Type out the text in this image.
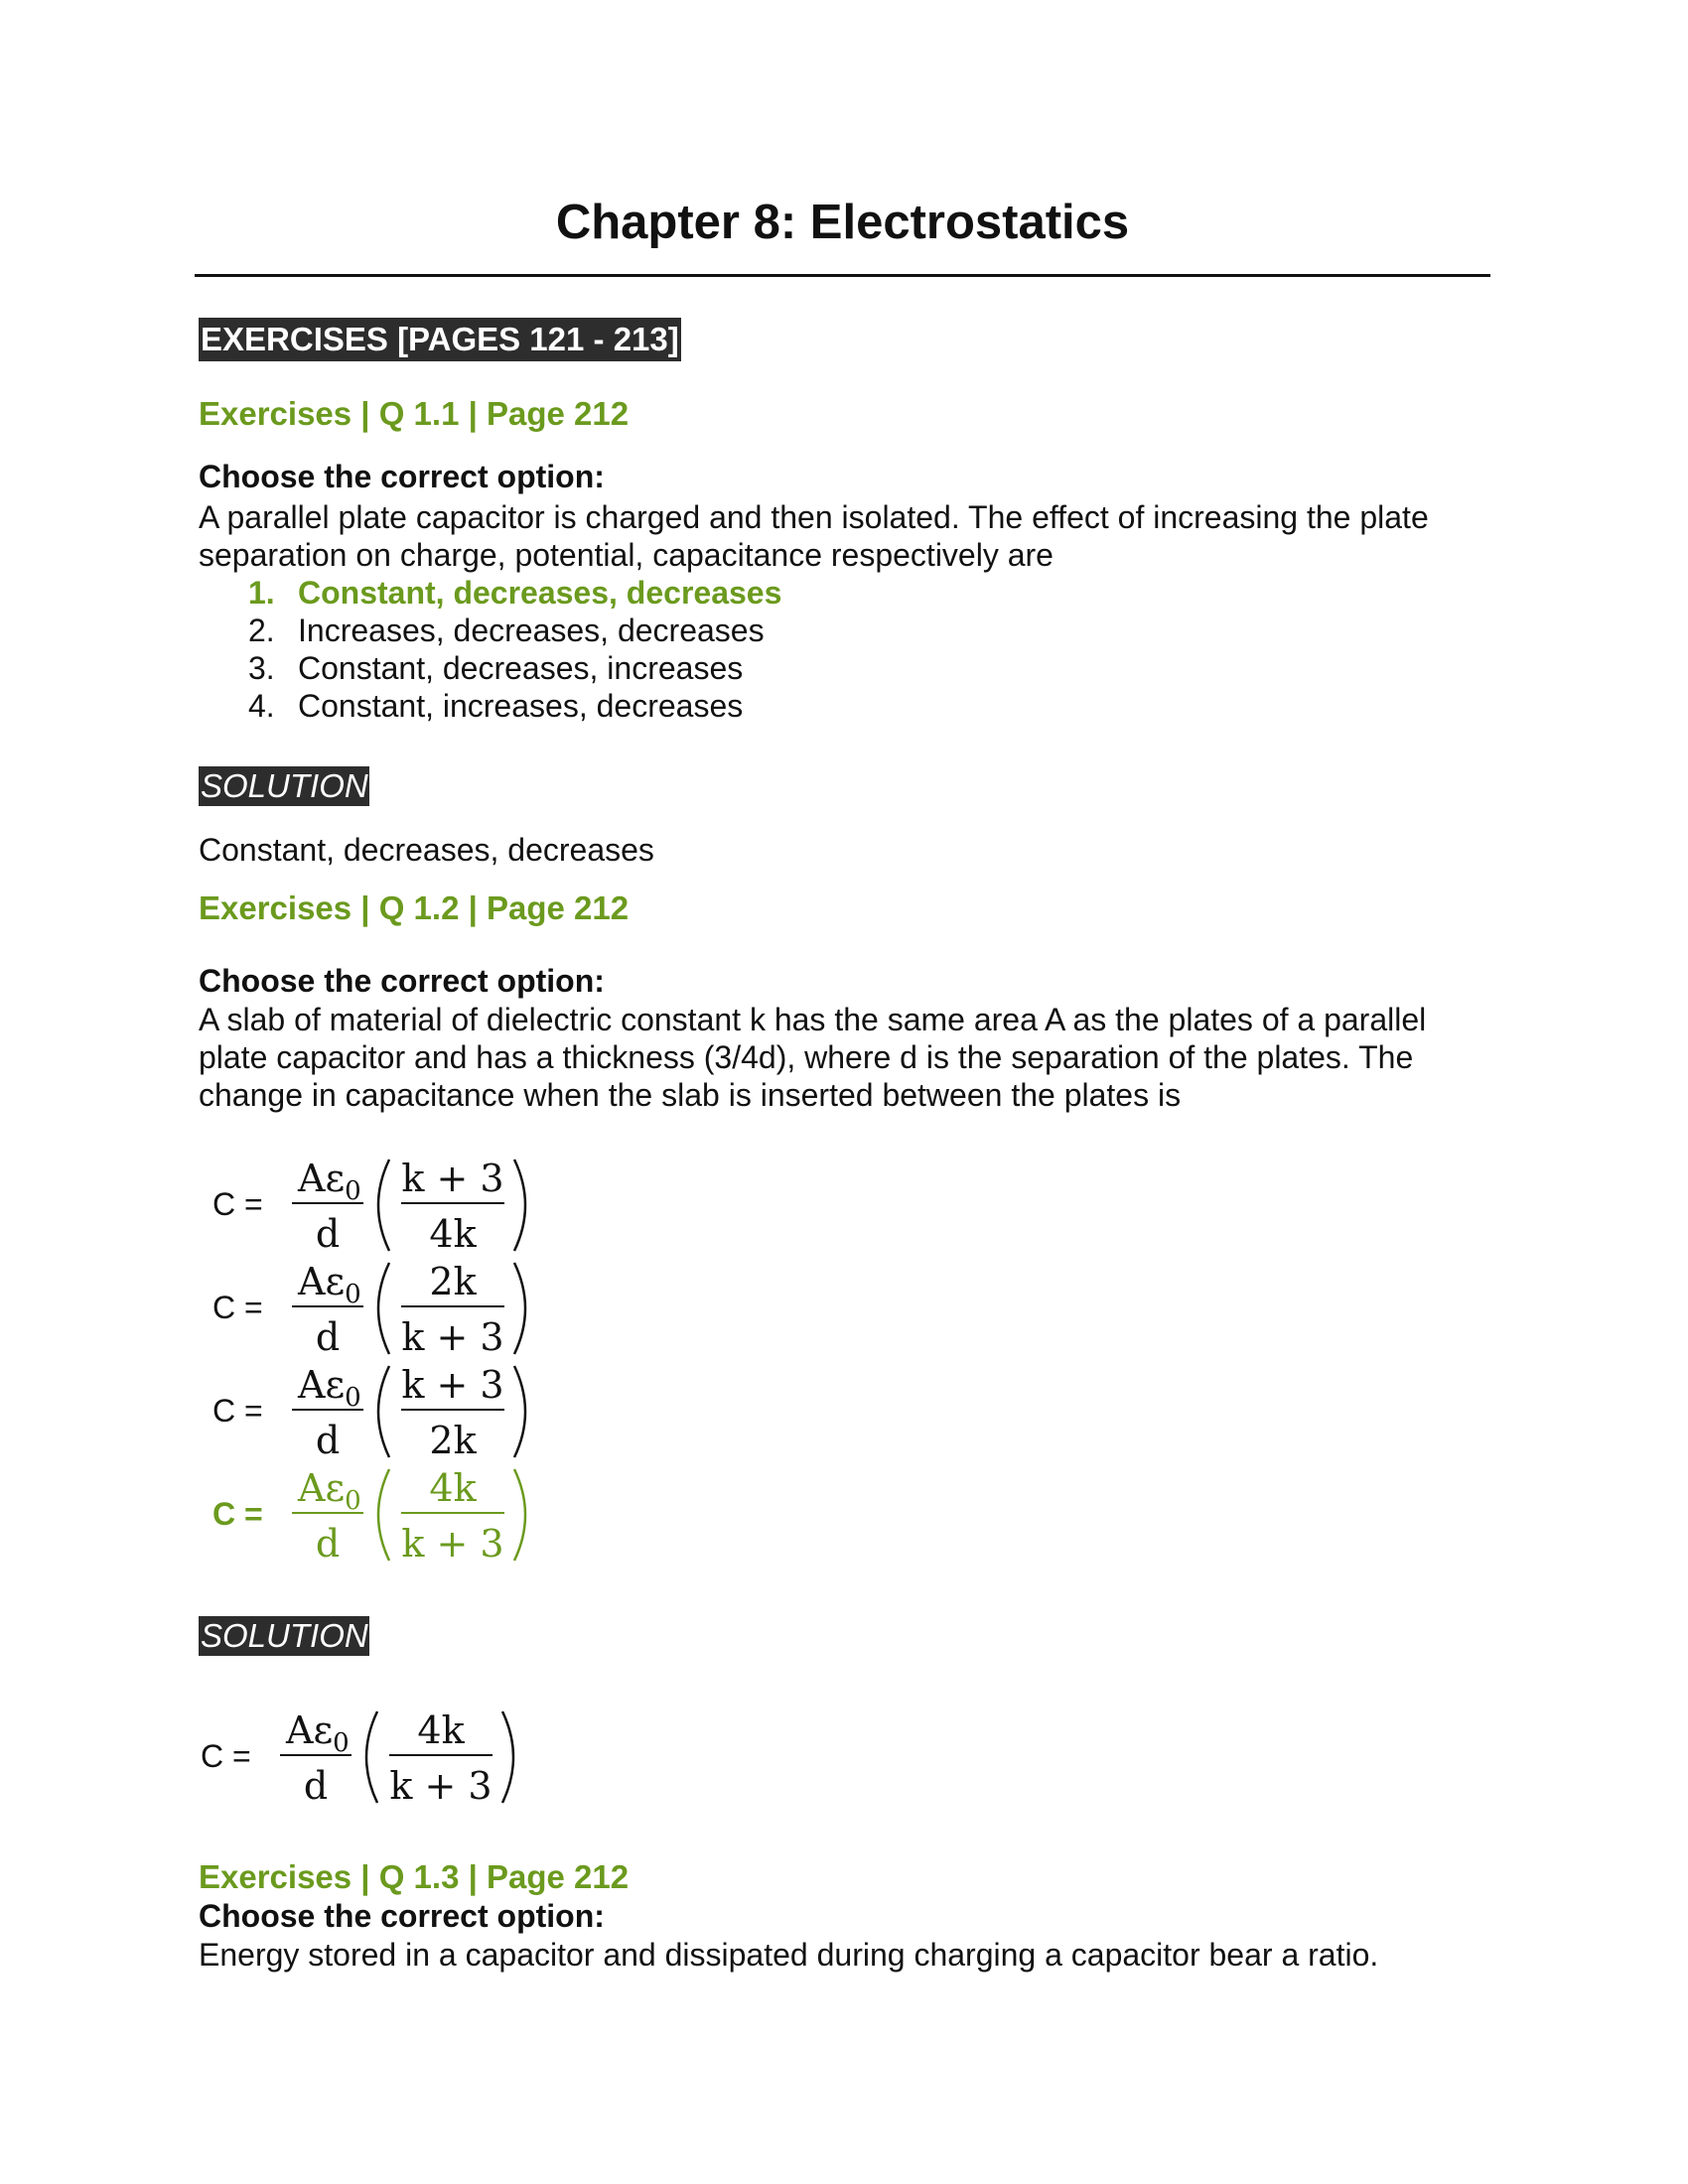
Chapter 8: Electrostatics
EXERCISES [PAGES 121 - 213]

Exercises | Q 1.1 | Page 212

Choose the correct option:

A parallel plate capacitor is charged and then isolated. The effect of increasing the plate separation on charge, potential, capacitance respectively are

1. Constant, decreases, decreases
2. Increases, decreases, decreases
3. Constant, decreases, increases
4. Constant, increases, decreases
SOLUTION

Constant, decreases, decreases

Exercises | Q 1.2 | Page 212

Choose the correct option:

A slab of material of dielectric constant k has the same area A as the plates of a parallel plate capacitor and has a thickness (3/4d), where d is the separation of the plates. The change in capacitance when the slab is inserted between the plates is

C =
$A\varepsilon_0$
d
k + 3
4k
C =
$A\varepsilon_0$
d
2k
k + 3
C =
$A\varepsilon_0$
d
k + 3
2k
C =
$A\varepsilon_0$
d
4k
k + 3
SOLUTION
C =
$A\varepsilon_0$
d
4k
k + 3

Exercises | Q 1.3 | Page 212

Choose the correct option:

Energy stored in a capacitor and dissipated during charging a capacitor bear a ratio.
